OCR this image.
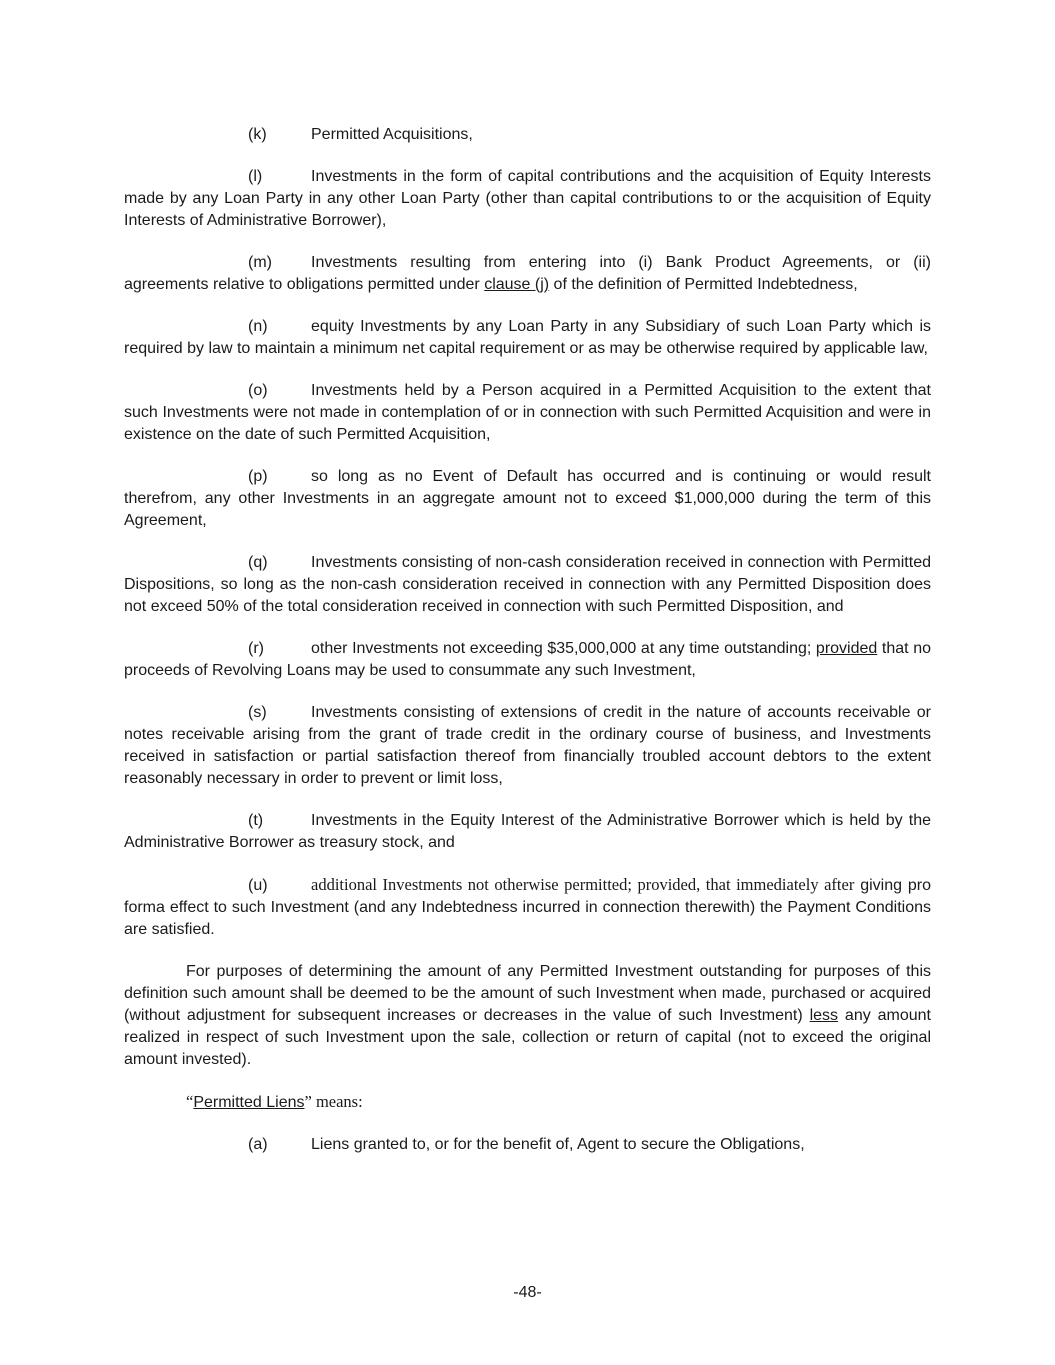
(k)	Permitted Acquisitions,

(l)	Investments in the form of capital contributions and the acquisition of Equity Interests made by any Loan Party in any other Loan Party (other than capital contributions to or the acquisition of Equity Interests of Administrative Borrower),

(m) Investments resulting from entering into (i) Bank Product Agreements, or (ii) agreements relative to obligations permitted under clause (j) of the definition of Permitted Indebtedness,

(n)	equity Investments by any Loan Party in any Subsidiary of such Loan Party which is required by law to maintain a minimum net capital requirement or as may be otherwise required by applicable law,

(o)	Investments held by a Person acquired in a Permitted Acquisition to the extent that such Investments were not made in contemplation of or in connection with such Permitted Acquisition and were in existence on the date of such Permitted Acquisition,

(p)	so long as no Event of Default has occurred and is continuing or would result therefrom, any other Investments in an aggregate amount not to exceed $1,000,000 during the term of this Agreement,

(q)	Investments consisting of non-cash consideration received in connection with Permitted Dispositions, so long as the non-cash consideration received in connection with any Permitted Disposition does not exceed 50% of the total consideration received in connection with such Permitted Disposition, and

(r)	other Investments not exceeding $35,000,000 at any time outstanding; provided that no proceeds of Revolving Loans may be used to consummate any such Investment,

(s)	Investments consisting of extensions of credit in the nature of accounts receivable or notes receivable arising from the grant of trade credit in the ordinary course of business, and Investments received in satisfaction or partial satisfaction thereof from financially troubled account debtors to the extent reasonably necessary in order to prevent or limit loss,

(t)	Investments in the Equity Interest of the Administrative Borrower which is held by the Administrative Borrower as treasury stock, and

(u)	additional Investments not otherwise permitted; provided, that immediately after giving pro forma effect to such Investment (and any Indebtedness incurred in connection therewith) the Payment Conditions are satisfied.

For purposes of determining the amount of any Permitted Investment outstanding for purposes of this definition such amount shall be deemed to be the amount of such Investment when made, purchased or acquired (without adjustment for subsequent increases or decreases in the value of such Investment) less any amount realized in respect of such Investment upon the sale, collection or return of capital (not to exceed the original amount invested).

“Permitted Liens” means:

(a)	Liens granted to, or for the benefit of, Agent to secure the Obligations,

-48-
